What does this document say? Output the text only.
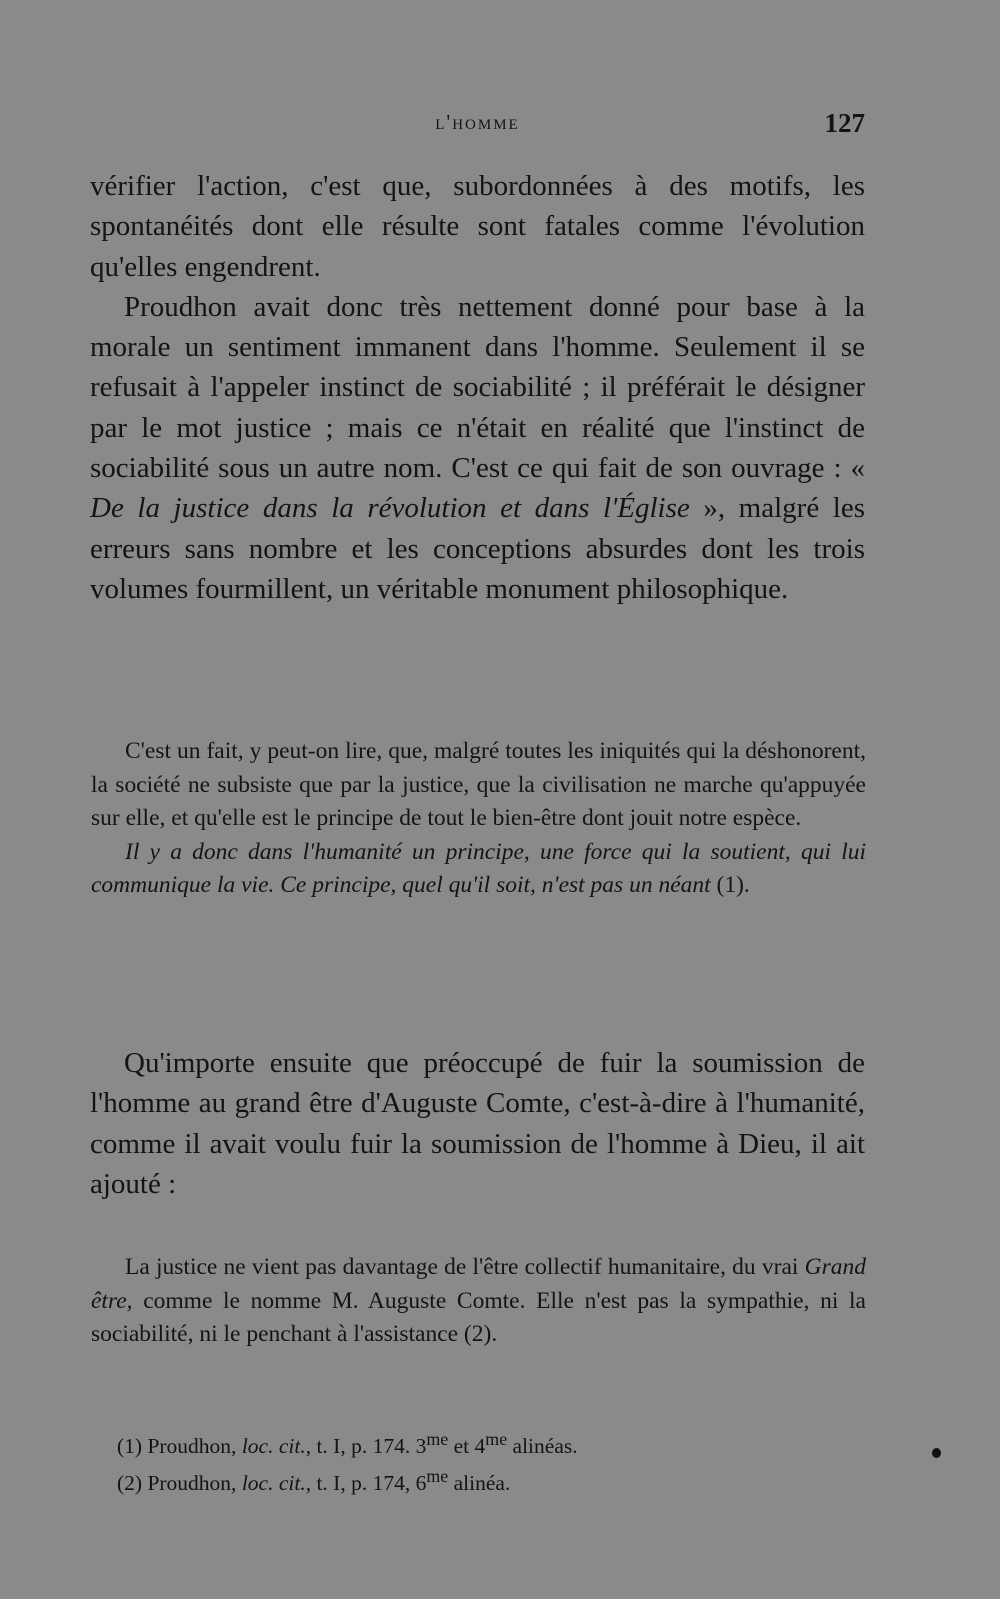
l'homme	127

vérifier l'action, c'est que, subordonnées à des motifs, les spontanéités dont elle résulte sont fatales comme l'évolution qu'elles engendrent.

Proudhon avait donc très nettement donné pour base à la morale un sentiment immanent dans l'homme. Seulement il se refusait à l'appeler instinct de sociabilité ; il préférait le désigner par le mot justice ; mais ce n'était en réalité que l'instinct de sociabilité sous un autre nom. C'est ce qui fait de son ouvrage : « De la justice dans la révolution et dans l'Église », malgré les erreurs sans nombre et les conceptions absurdes dont les trois volumes fourmillent, un véritable monument philosophique.

C'est un fait, y peut-on lire, que, malgré toutes les iniquités qui la déshonorent, la société ne subsiste que par la justice, que la civilisation ne marche qu'appuyée sur elle, et qu'elle est le principe de tout le bien-être dont jouit notre espèce.

Il y a donc dans l'humanité un principe, une force qui la soutient, qui lui communique la vie. Ce principe, quel qu'il soit, n'est pas un néant (1).

Qu'importe ensuite que préoccupé de fuir la soumission de l'homme au grand être d'Auguste Comte, c'est-à-dire à l'humanité, comme il avait voulu fuir la soumission de l'homme à Dieu, il ait ajouté :

La justice ne vient pas davantage de l'être collectif humanitaire, du vrai Grand être, comme le nomme M. Auguste Comte. Elle n'est pas la sympathie, ni la sociabilité, ni le penchant à l'assistance (2).

(1) Proudhon, loc. cit., t. I, p. 174. $3^{me}$ et $4^{me}$ alinéas.

(2) Proudhon, loc. cit., t. I, p. 174, $6^{me}$ alinéa.
